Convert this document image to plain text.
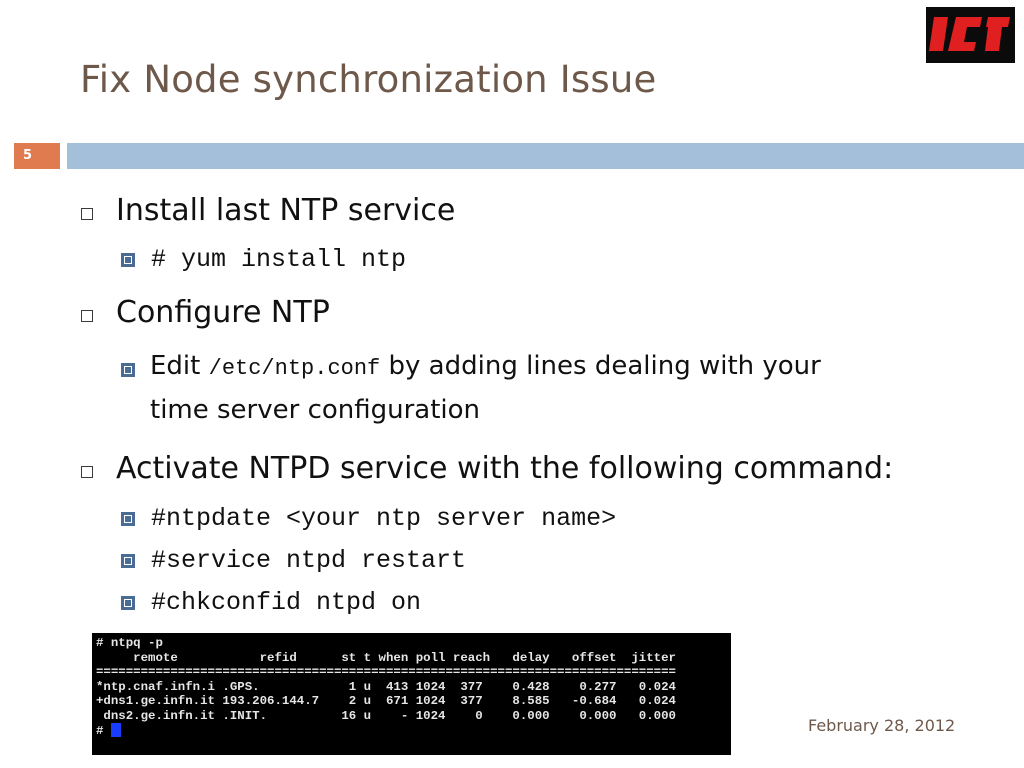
Fix Node synchronization Issue
5
Install last NTP service
# yum install ntp
Configure NTP
Edit /etc/ntp.conf by adding lines dealing with your
time server configuration
Activate NTPD service with the following command:
#ntpdate <your ntp server name>
#service ntpd restart
#chkconfid ntpd on
# ntpq -p
remote           refid      st t when poll reach   delay   offset  jitter
==============================================================================
*ntp.cnaf.infn.i .GPS.            1 u  413 1024  377    0.428    0.277   0.024
+dns1.ge.infn.it 193.206.144.7    2 u  671 1024  377    8.585   -0.684   0.024
dns2.ge.infn.it .INIT.          16 u    - 1024    0    0.000    0.000   0.000
#	February 28, 2012
